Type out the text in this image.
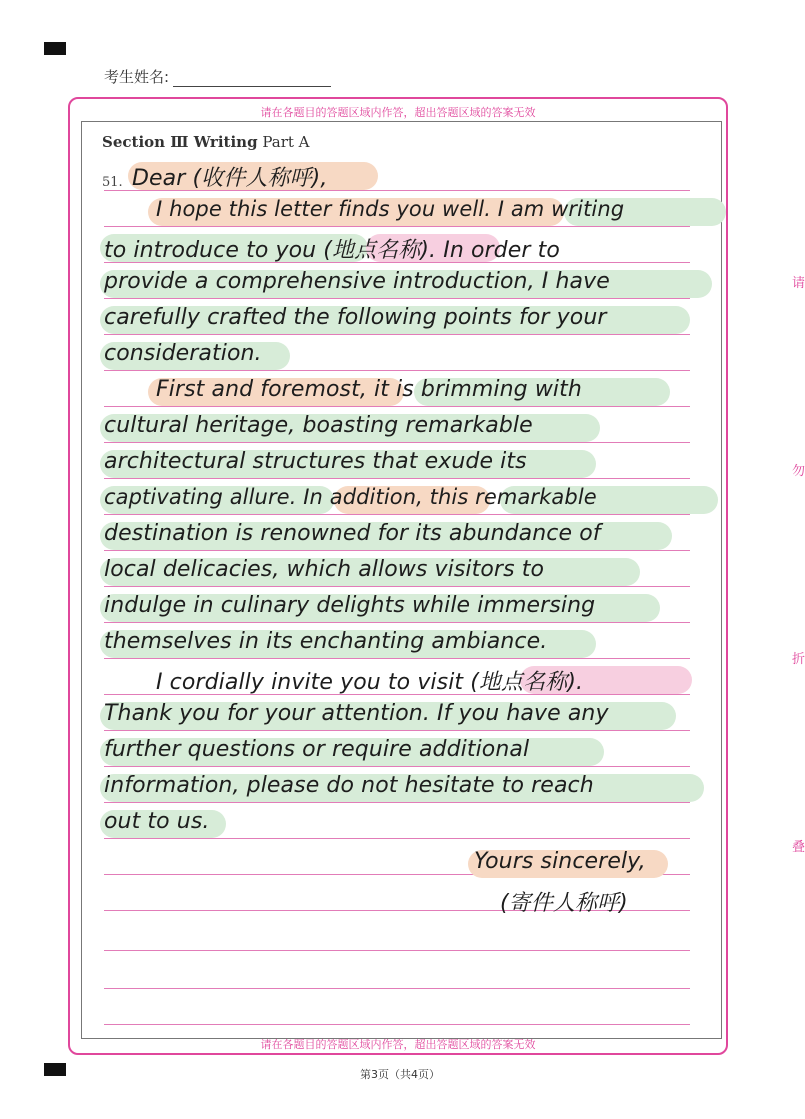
考生姓名:
请在各题目的答题区域内作答，超出答题区域的答案无效
请在各题目的答题区域内作答，超出答题区域的答案无效
Section Ⅲ Writing Part A
51. Dear (收件人称呼),
I hope this letter finds you well. I am writing
to introduce to you (地点名称). In order to
provide a comprehensive introduction, I have
carefully crafted the following points for your
consideration.
First and foremost, it is brimming with
cultural heritage, boasting remarkable
architectural structures that exude its
captivating allure. In addition, this remarkable
destination is renowned for its abundance of
local delicacies, which allows visitors to
indulge in culinary delights while immersing
themselves in its enchanting ambiance.
I cordially invite you to visit (地点名称).
Thank you for your attention. If you have any
further questions or require additional
information, please do not hesitate to reach
out to us.
Yours sincerely,
(寄件人称呼)
请
勿
折
叠
第3页（共4页）
